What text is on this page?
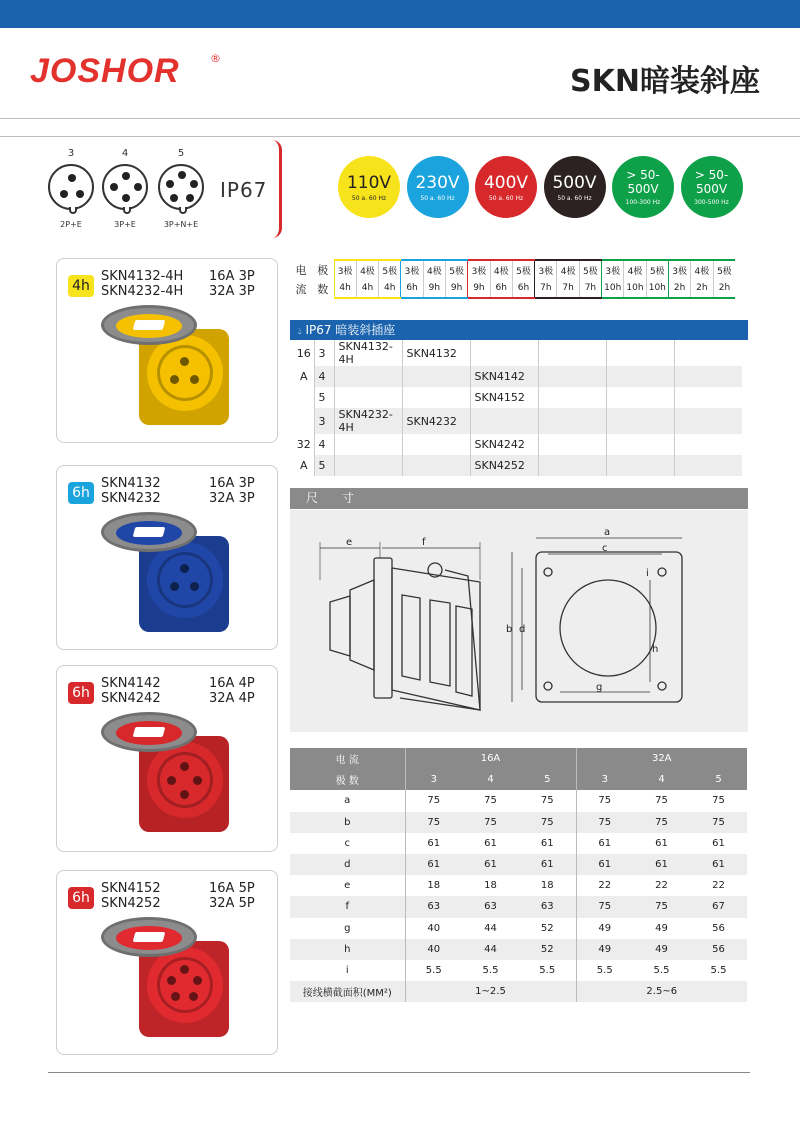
JOSHOR	®
SKN暗装斜座
3
2P+E
4
3P+E
5
3P+N+E
IP67	110V
50 a. 60 Hz
230V
50 a. 60 Hz
400V
50 a. 60 Hz
500V
50 a. 60 Hz
> 50-500V
100-300 Hz
> 50-500V
300-500 Hz
4h
SKN4132-4H
SKN4232-4H
16A 3P
32A 3P
6h
SKN4132
SKN4232
16A 3P
32A 3P
6h
SKN4142
SKN4242
16A 4P
32A 4P
6h
SKN4152
SKN4252
16A 5P
32A 5P
电	极	3极	4极	5极	3极	4极	5极	3极	4极	5极	3极	4极	5极	3极	4极	5极	3极	4极	5极
流	数	4h	4h	4h	6h	9h	9h	9h	6h	6h	7h	7h	7h	10h	10h	10h	2h	2h	2h
💧︎ IP67 暗装斜插座
16	3	SKN4132-4H	SKN4132				
A	4			SKN4142			
	5			SKN4152			
	3	SKN4232-4H	SKN4232				
32	4			SKN4242			
A	5			SKN4252			
尺 寸
e	f
a
c
b d
h
g
i
电 流	16A			32A		
极 数	3	4	5	3	4	5
a	75	75	75	75	75	75
b	75	75	75	75	75	75
c	61	61	61	61	61	61
d	61	61	61	61	61	61
e	18	18	18	22	22	22
f	63	63	63	75	75	67
g	40	44	52	49	49	56
h	40	44	52	49	49	56
i	5.5	5.5	5.5	5.5	5.5	5.5
接线横截面积(MM²)	1~2.5			2.5~6		
